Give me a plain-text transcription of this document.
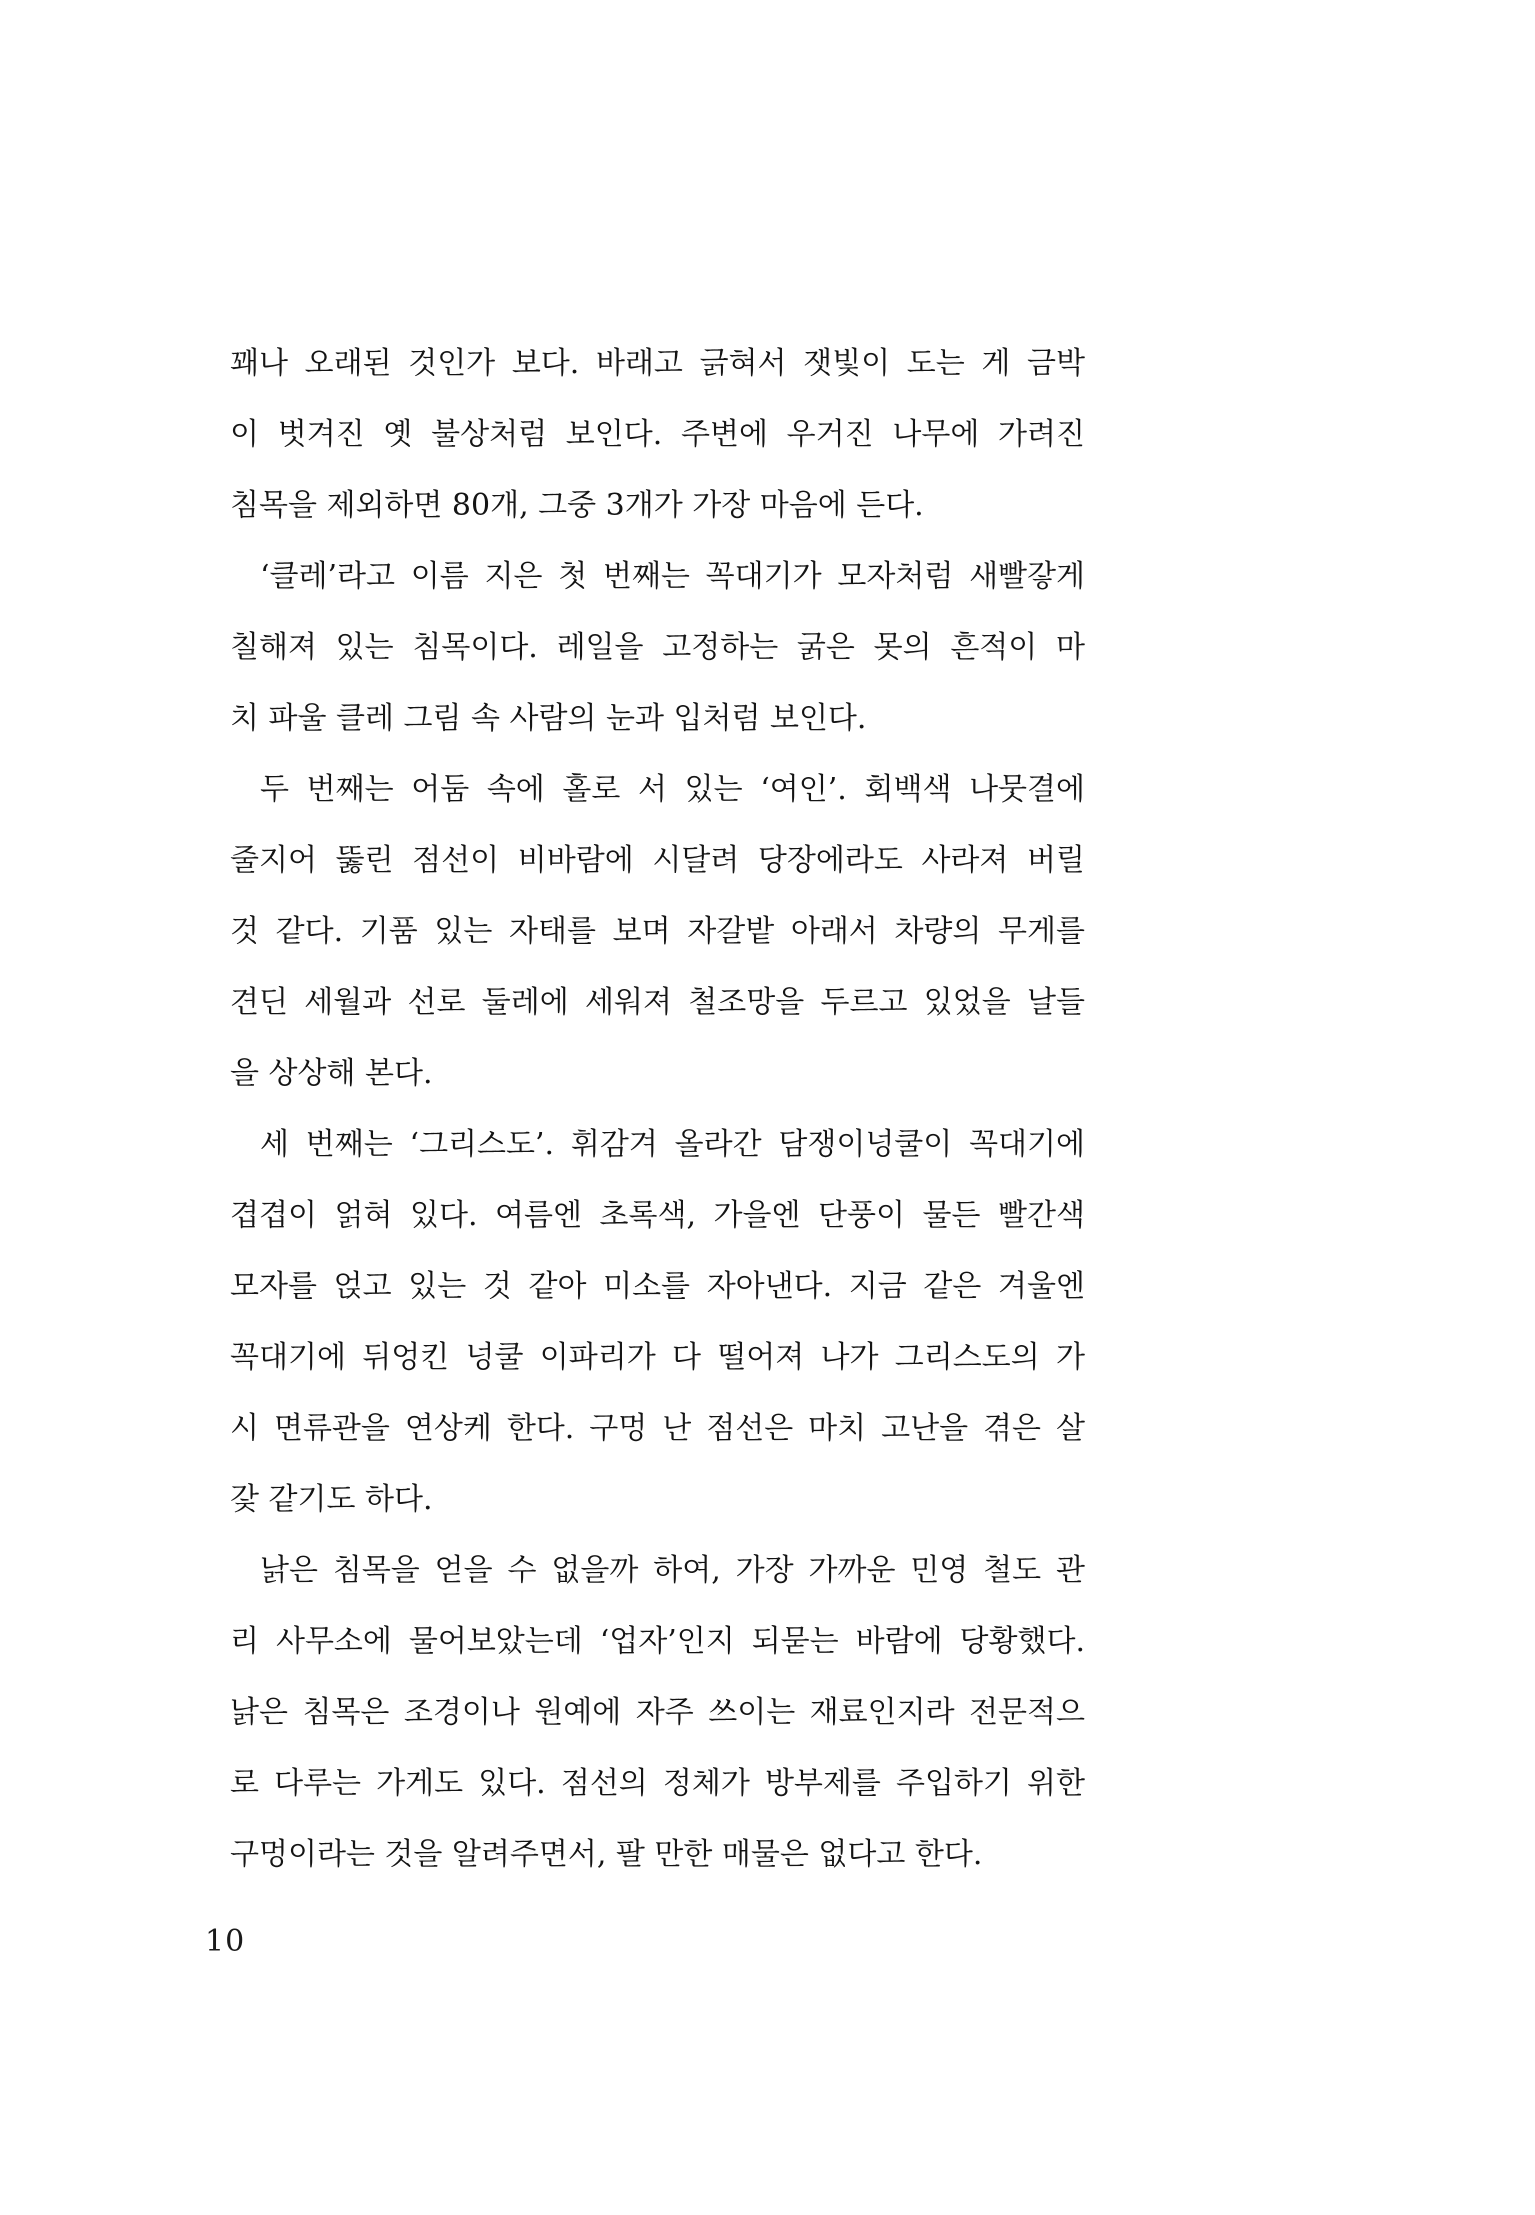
꽤나 오래된 것인가 보다. 바래고 긁혀서 잿빛이 도는 게 금박
이 벗겨진 옛 불상처럼 보인다. 주변에 우거진 나무에 가려진
침목을 제외하면 80개, 그중 3개가 가장 마음에 든다.
‘클레’라고 이름 지은 첫 번째는 꼭대기가 모자처럼 새빨갛게
칠해져 있는 침목이다. 레일을 고정하는 굵은 못의 흔적이 마
치 파울 클레 그림 속 사람의 눈과 입처럼 보인다.
두 번째는 어둠 속에 홀로 서 있는 ‘여인’. 회백색 나뭇결에
줄지어 뚫린 점선이 비바람에 시달려 당장에라도 사라져 버릴
것 같다. 기품 있는 자태를 보며 자갈밭 아래서 차량의 무게를
견딘 세월과 선로 둘레에 세워져 철조망을 두르고 있었을 날들
을 상상해 본다.
세 번째는 ‘그리스도’. 휘감겨 올라간 담쟁이넝쿨이 꼭대기에
겹겹이 얽혀 있다. 여름엔 초록색, 가을엔 단풍이 물든 빨간색
모자를 얹고 있는 것 같아 미소를 자아낸다. 지금 같은 겨울엔
꼭대기에 뒤엉킨 넝쿨 이파리가 다 떨어져 나가 그리스도의 가
시 면류관을 연상케 한다. 구멍 난 점선은 마치 고난을 겪은 살
갗 같기도 하다.
낡은 침목을 얻을 수 없을까 하여, 가장 가까운 민영 철도 관
리 사무소에 물어보았는데 ‘업자’인지 되묻는 바람에 당황했다.
낡은 침목은 조경이나 원예에 자주 쓰이는 재료인지라 전문적으
로 다루는 가게도 있다. 점선의 정체가 방부제를 주입하기 위한
구멍이라는 것을 알려주면서, 팔 만한 매물은 없다고 한다.
10
